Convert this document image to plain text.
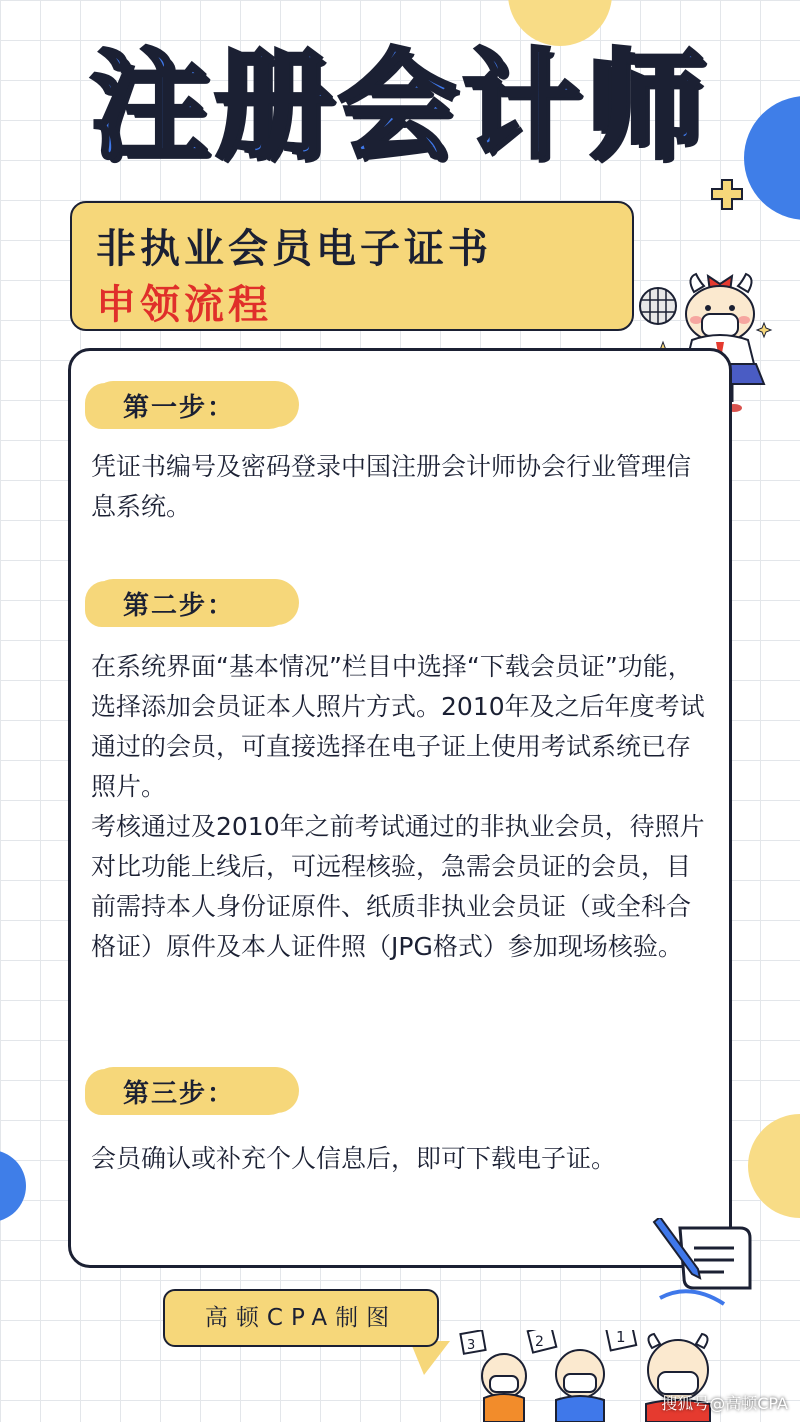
注册会计师
非执业会员电子证书
申领流程
第一步：

凭证书编号及密码登录中国注册会计师协会行业管理信息系统。

第二步：

在系统界面“基本情况”栏目中选择“下载会员证”功能，选择添加会员证本人照片方式。2010年及之后年度考试通过的会员，可直接选择在电子证上使用考试系统已存照片。

考核通过及2010年之前考试通过的非执业会员，待照片对比功能上线后，可远程核验，急需会员证的会员，目前需持本人身份证原件、纸质非执业会员证（或全科合格证）原件及本人证件照（JPG格式）参加现场核验。

第三步：

会员确认或补充个人信息后，即可下载电子证。

高顿CPA制图
3	2	1
搜狐号@高顿CPA
